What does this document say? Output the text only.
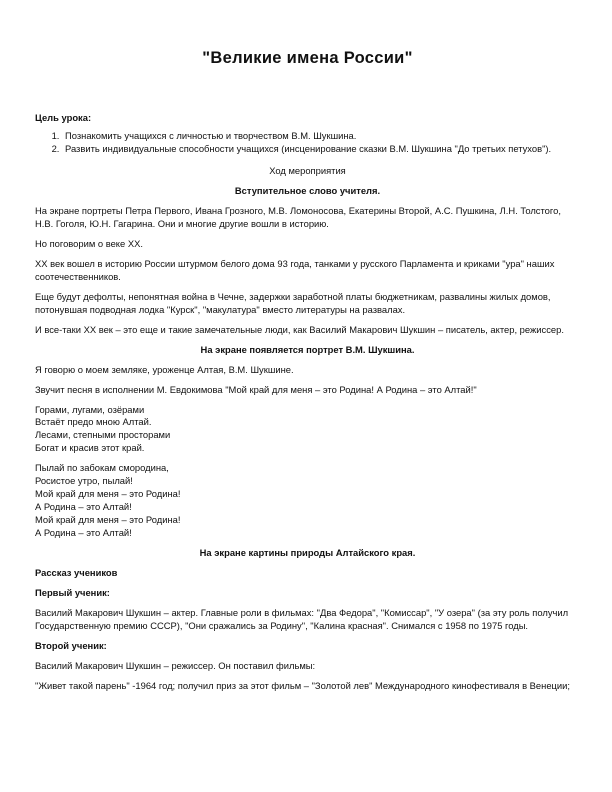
"Великие имена России"

Цель урока:

1. Познакомить учащихся с личностью и творчеством В.М. Шукшина.
2. Развить индивидуальные способности учащихся (инсценирование сказки В.М. Шукшина "До третьих петухов").

Ход мероприятия

Вступительное слово учителя.

На экране портреты Петра Первого, Ивана Грозного, М.В. Ломоносова, Екатерины Второй, А.С. Пушкина, Л.Н. Толстого, Н.В. Гоголя, Ю.Н. Гагарина. Они и многие другие вошли в историю.

Но поговорим о веке XX.

XX век вошел в историю России штурмом белого дома 93 года, танками у русского Парламента и криками "ура" наших соотечественников.

Еще будут дефолты, непонятная война в Чечне, задержки заработной платы бюджетникам, развалины жилых домов, потонувшая подводная лодка "Курск", "макулатура" вместо литературы на развалах.

И все-таки XX век – это еще и такие замечательные люди, как Василий Макарович Шукшин – писатель, актер, режиссер.

На экране появляется портрет В.М. Шукшина.

Я говорю о моем земляке, уроженце Алтая, В.М. Шукшине.

Звучит песня в исполнении М. Евдокимова "Мой край для меня – это Родина! А Родина – это Алтай!"

Горами, лугами, озёрами
Встаёт предо мною Алтай.
Лесами, степными просторами
Богат и красив этот край.
Пылай по забокам смородина,
Росистое утро, пылай!
Мой край для меня – это Родина!
А Родина – это Алтай!
Мой край для меня – это Родина!
А Родина – это Алтай!

На экране картины природы Алтайского края.

Рассказ учеников

Первый ученик:

Василий Макарович Шукшин – актер. Главные роли в фильмах: "Два Федора", "Комиссар", "У озера" (за эту роль получил Государственную премию СССР), "Они сражались за Родину", "Калина красная". Снимался с 1958 по 1975 годы.

Второй ученик:

Василий Макарович Шукшин – режиссер. Он поставил фильмы:

"Живет такой парень" -1964 год; получил приз за этот фильм – "Золотой лев" Международного кинофестиваля в Венеции;
